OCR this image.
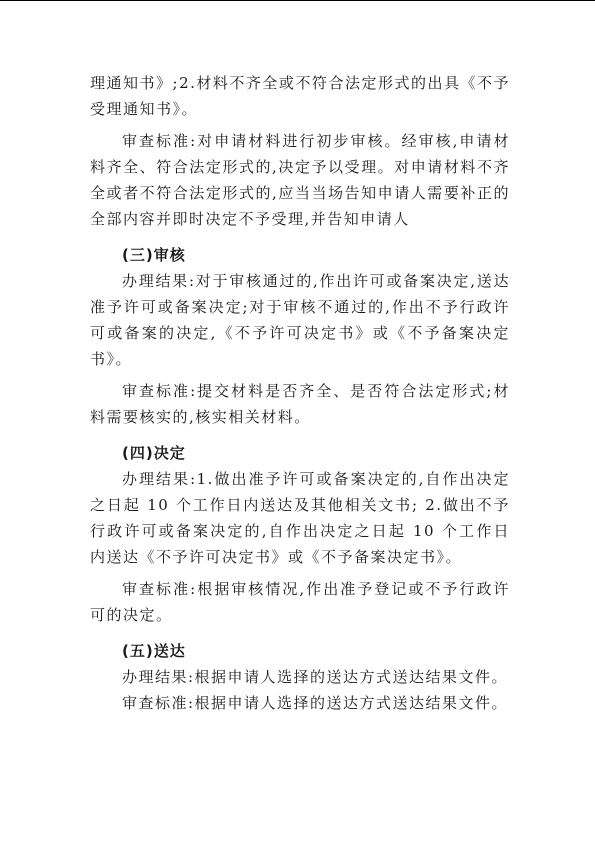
理通知书》;2.材料不齐全或不符合法定形式的出具《不予受理通知书》。

审查标准:对申请材料进行初步审核。经审核,申请材料齐全、符合法定形式的,决定予以受理。对申请材料不齐全或者不符合法定形式的,应当当场告知申请人需要补正的全部内容并即时决定不予受理,并告知申请人

(三)审核

办理结果:对于审核通过的,作出许可或备案决定,送达准予许可或备案决定;对于审核不通过的,作出不予行政许可或备案的决定,《不予许可决定书》或《不予备案决定书》。

审查标准:提交材料是否齐全、是否符合法定形式;材料需要核实的,核实相关材料。

(四)决定

办理结果:1.做出准予许可或备案决定的,自作出决定之日起 10 个工作日内送达及其他相关文书; 2.做出不予行政许可或备案决定的,自作出决定之日起 10 个工作日内送达《不予许可决定书》或《不予备案决定书》。

审查标准:根据审核情况,作出准予登记或不予行政许可的决定。

(五)送达

办理结果:根据申请人选择的送达方式送达结果文件。

审查标准:根据申请人选择的送达方式送达结果文件。
